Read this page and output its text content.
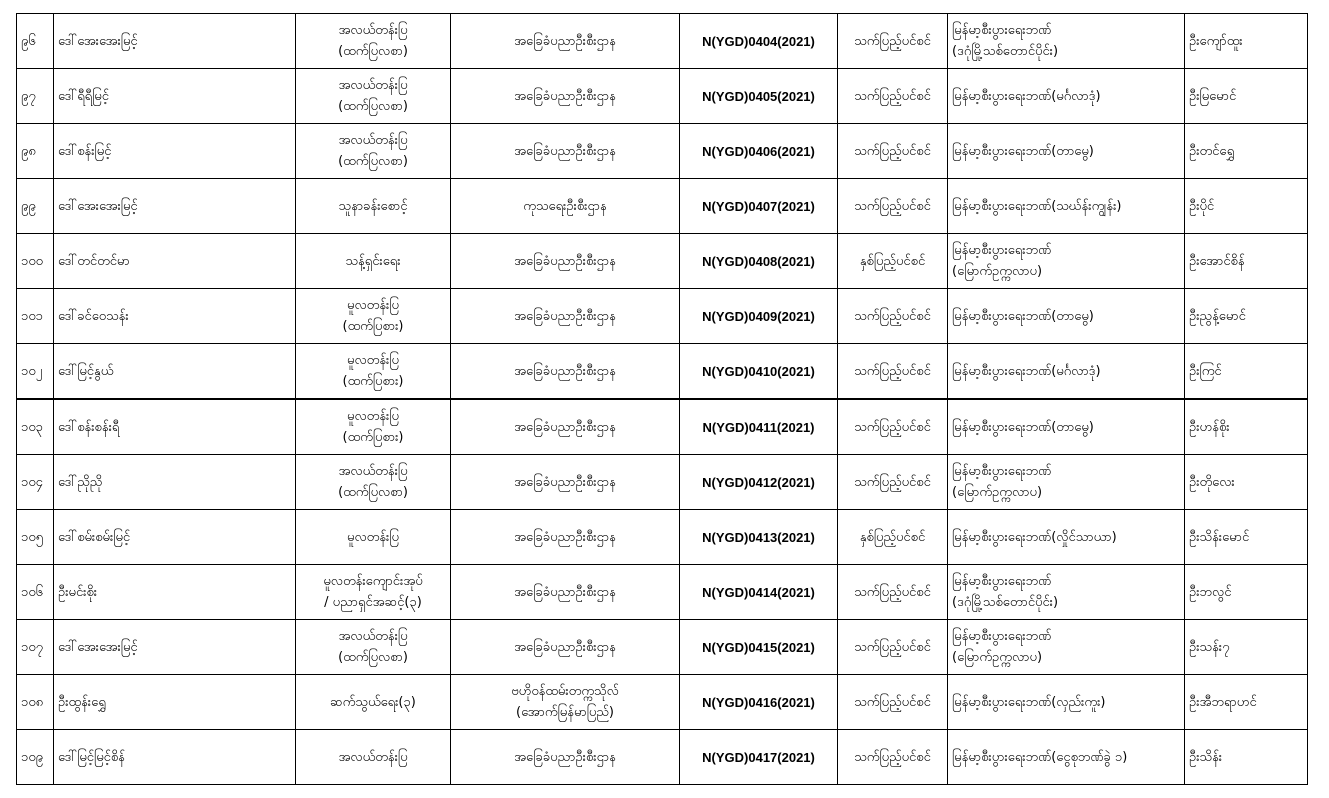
၉၆	ဒေါ်အေးအေးမြင့်	အလယ်တန်းပြ
(ထက်ပြလစာ)	အခြေခံပညာဦးစီးဌာန	N(YGD)0404(2021)	သက်ပြည့်ပင်စင်	မြန်မာ့စီးပွားရေးဘဏ်
(ဒဂုံမြို့သစ်တောင်ပိုင်း)	ဦးကျော်ထူး

၉၇	ဒေါ်ရီရီမြင့်	အလယ်တန်းပြ
(ထက်ပြလစာ)	အခြေခံပညာဦးစီးဌာန	N(YGD)0405(2021)	သက်ပြည့်ပင်စင်	မြန်မာ့စီးပွားရေးဘဏ်(မင်္ဂလာဒုံ)	ဦးမြမောင်

၉၈	ဒေါ်စန်းမြင့်	အလယ်တန်းပြ
(ထက်ပြလစာ)	အခြေခံပညာဦးစီးဌာန	N(YGD)0406(2021)	သက်ပြည့်ပင်စင်	မြန်မာ့စီးပွားရေးဘဏ်(တာမွေ)	ဦးတင်ရွှေ

၉၉	ဒေါ်အေးအေးမြင့်	သူနာခန်းစောင့်	ကုသရေးဦးစီးဌာန	N(YGD)0407(2021)	သက်ပြည့်ပင်စင်	မြန်မာ့စီးပွားရေးဘဏ်(သဃ်န်းကျွန်း)	ဦးပိုင်

၁၀၀	ဒေါ်တင်တင်မာ	သန့်ရှင်းရေး	အခြေခံပညာဦးစီးဌာန	N(YGD)0408(2021)	နှစ်ပြည့်ပင်စင်	မြန်မာ့စီးပွားရေးဘဏ်
(မြောက်ဥက္ကလာပ)	ဦးအောင်စိန်

၁၀၁	ဒေါ်ခင်ဝေသန်း	မူလတန်းပြ
(ထက်ပြစား)	အခြေခံပညာဦးစီးဌာန	N(YGD)0409(2021)	သက်ပြည့်ပင်စင်	မြန်မာ့စီးပွားရေးဘဏ်(တာမွေ)	ဦးညွန့်မောင်

၁၀၂	ဒေါ်မြင့်နွယ်	မူလတန်းပြ
(ထက်ပြစား)	အခြေခံပညာဦးစီးဌာန	N(YGD)0410(2021)	သက်ပြည့်ပင်စင်	မြန်မာ့စီးပွားရေးဘဏ်(မင်္ဂလာဒုံ)	ဦးကြင်

၁၀၃	ဒေါ်စန်းစန်းရီ	မူလတန်းပြ
(ထက်ပြစား)	အခြေခံပညာဦးစီးဌာန	N(YGD)0411(2021)	သက်ပြည့်ပင်စင်	မြန်မာ့စီးပွားရေးဘဏ်(တာမွေ)	ဦးဟန်စိုး

၁၀၄	ဒေါ်ညိုညို	အလယ်တန်းပြ
(ထက်ပြလစာ)	အခြေခံပညာဦးစီးဌာန	N(YGD)0412(2021)	သက်ပြည့်ပင်စင်	မြန်မာ့စီးပွားရေးဘဏ်
(မြောက်ဥက္ကလာပ)	ဦးတိုလေး

၁၀၅	ဒေါ်စမ်းစမ်းမြင့်	မူလတန်းပြ	အခြေခံပညာဦးစီးဌာန	N(YGD)0413(2021)	နှစ်ပြည့်ပင်စင်	မြန်မာ့စီးပွားရေးဘဏ်(လှိုင်သာယာ)	ဦးသိန်းမောင်

၁၀၆	ဦးမင်းစိုး	မူလတန်းကျောင်းအုပ်
/ ပညာရှင်အဆင့်(၃)	အခြေခံပညာဦးစီးဌာန	N(YGD)0414(2021)	သက်ပြည့်ပင်စင်	မြန်မာ့စီးပွားရေးဘဏ်
(ဒဂုံမြို့သစ်တောင်ပိုင်း)	ဦးဘလွင်

၁၀၇	ဒေါ်အေးအေးမြင့်	အလယ်တန်းပြ
(ထက်ပြလစာ)	အခြေခံပညာဦးစီးဌာန	N(YGD)0415(2021)	သက်ပြည့်ပင်စင်	မြန်မာ့စီးပွားရေးဘဏ်
(မြောက်ဥက္ကလာပ)	ဦးသန်း၇

၁၀၈	ဦးထွန်းရွှေ	ဆက်သွယ်ရေး(၃)	ဗဟိုဝန်ထမ်းတက္ကသိုလ်
(အောက်မြန်မာပြည်)	N(YGD)0416(2021)	သက်ပြည့်ပင်စင်	မြန်မာ့စီးပွားရေးဘဏ်(လှည်းကူး)	ဦးအီဘရာဟင်

၁၀၉	ဒေါ်မြင့်မြင့်စိန်	အလယ်တန်းပြ	အခြေခံပညာဦးစီးဌာန	N(YGD)0417(2021)	သက်ပြည့်ပင်စင်	မြန်မာ့စီးပွားရေးဘဏ်(ငွေစုဘဏ်ခွဲ ၁)	ဦးသိန်း
